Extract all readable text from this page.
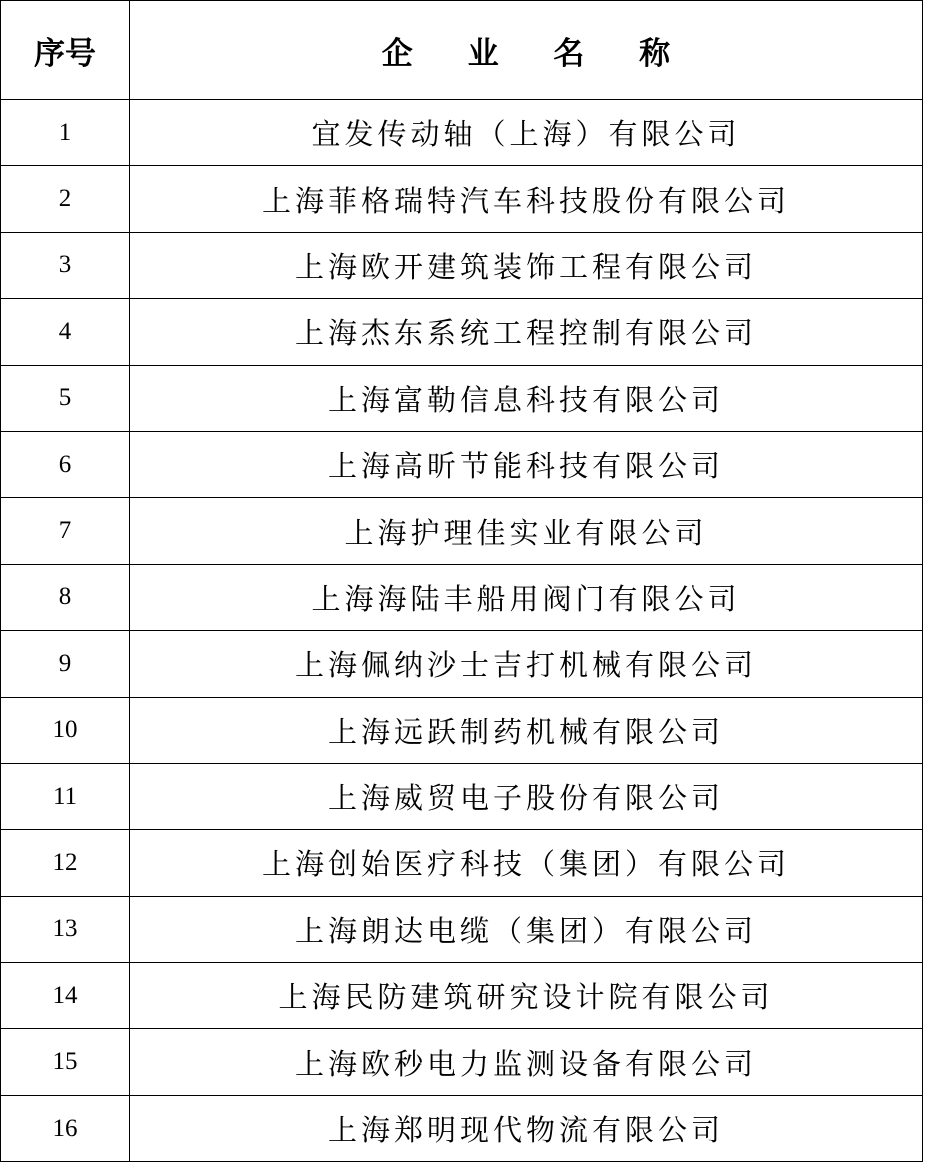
序号	企 业 名 称
1	宜发传动轴（上海）有限公司
2	上海菲格瑞特汽车科技股份有限公司
3	上海欧开建筑装饰工程有限公司
4	上海杰东系统工程控制有限公司
5	上海富勒信息科技有限公司
6	上海高昕节能科技有限公司
7	上海护理佳实业有限公司
8	上海海陆丰船用阀门有限公司
9	上海佩纳沙士吉打机械有限公司
10	上海远跃制药机械有限公司
11	上海威贸电子股份有限公司
12	上海创始医疗科技（集团）有限公司
13	上海朗达电缆（集团）有限公司
14	上海民防建筑研究设计院有限公司
15	上海欧秒电力监测设备有限公司
16	上海郑明现代物流有限公司
